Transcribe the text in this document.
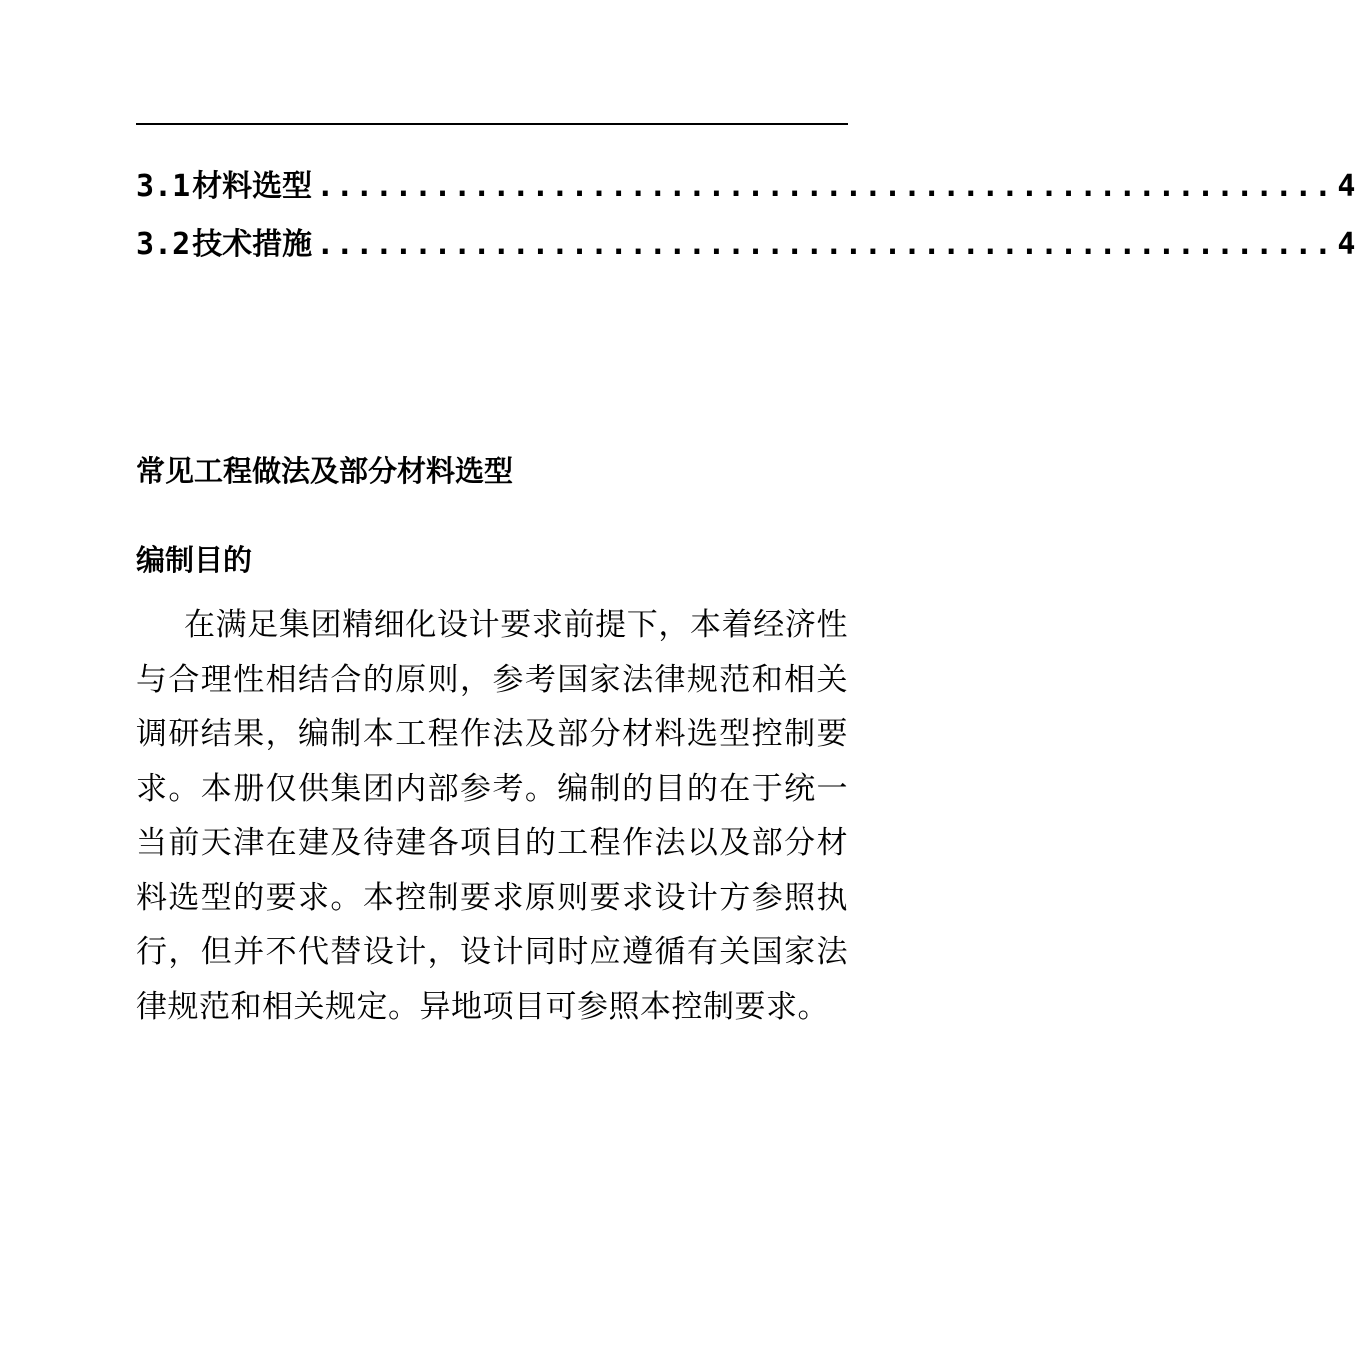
3.1 材料选型 .................................................... 4
3.2 技术措施 .................................................... 4
常见工程做法及部分材料选型
编制目的

在满足集团精细化设计要求前提下，本着经济性与合理性相结合的原则，参考国家法律规范和相关调研结果，编制本工程作法及部分材料选型控制要求。本册仅供集团内部参考。编制的目的在于统一当前天津在建及待建各项目的工程作法以及部分材料选型的要求。本控制要求原则要求设计方参照执行，但并不代替设计，设计同时应遵循有关国家法律规范和相关规定。异地项目可参照本控制要求。
